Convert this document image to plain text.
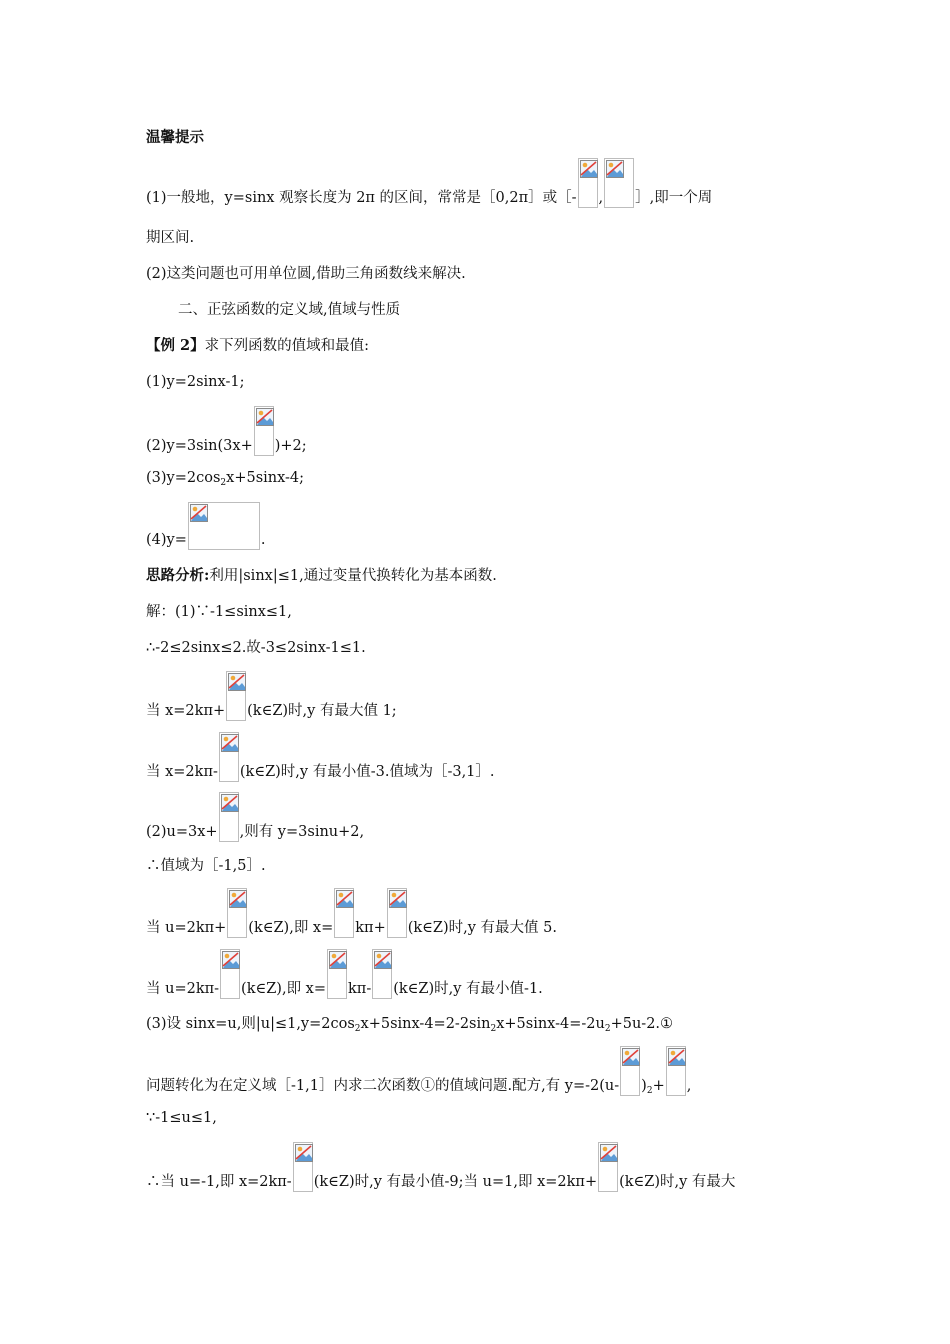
温馨提示
(1)一般地，y=sinx 观察长度为 2π 的区间，常常是［0,2π］或［- , ］,即一个周
期区间.
(2)这类问题也可用单位圆,借助三角函数线来解决.
二、正弦函数的定义域,值域与性质
【例 2】 求下列函数的值域和最值:
(1)y=2sinx-1;
(2)y=3sin(3x+ )+2;
(3)y=2cos 2 x+5sinx-4;
(4)y=	.
思路分析: 利用|sinx|≤1,通过变量代换转化为基本函数.
解：(1)∵-1≤sinx≤1,
∴-2≤2sinx≤2.故-3≤2sinx-1≤1.
当 x=2kπ+ (k∈Z)时,y 有最大值 1;
当 x=2kπ- (k∈Z)时,y 有最小值-3.值域为［-3,1］.
(2)u=3x+ ,则有 y=3sinu+2,
∴值域为［-1,5］.
当 u=2kπ+ (k∈Z),即 x= kπ+ (k∈Z)时,y 有最大值 5.
当 u=2kπ- (k∈Z),即 x= kπ- (k∈Z)时,y 有最小值-1.
(3)设 sinx=u,则|u|≤1,y=2cos 2 x+5sinx-4=2-2sin 2 x+5sinx-4=-2u 2 +5u-2.①
问题转化为在定义域［-1,1］内求二次函数①的值域问题.配方,有 y=-2(u- ) 2 + ,
∵-1≤u≤1,
∴当 u=-1,即 x=2kπ- (k∈Z)时,y 有最小值-9;当 u=1,即 x=2kπ+ (k∈Z)时,y 有最大
